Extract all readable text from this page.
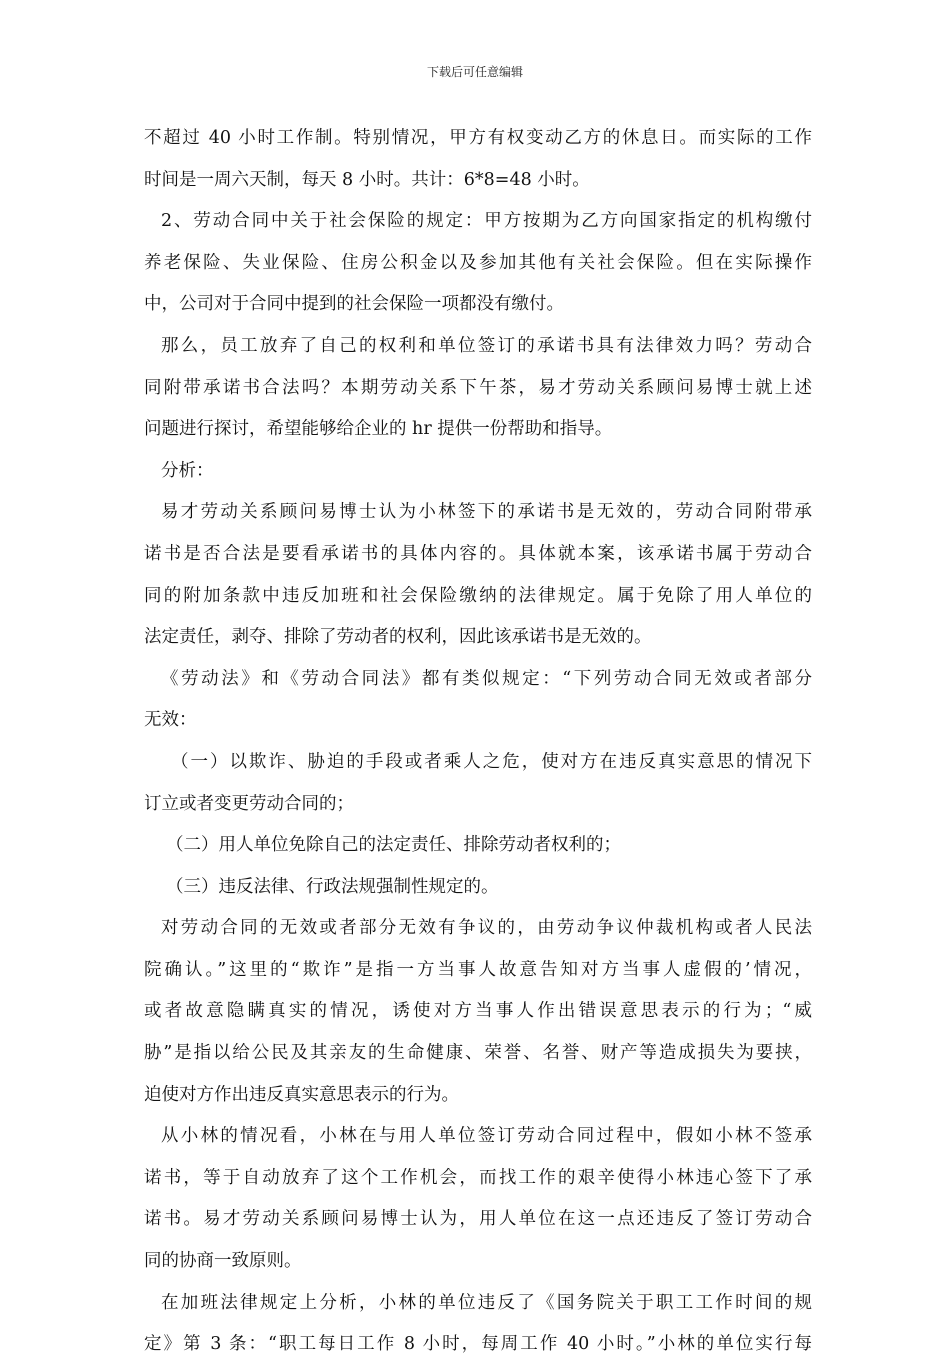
下载后可任意编辑
不超过 40 小时工作制。特别情况，甲方有权变动乙方的休息日。而实际的工作
时间是一周六天制，每天 8 小时。共计：6*8=48 小时。
2、劳动合同中关于社会保险的规定：甲方按期为乙方向国家指定的机构缴付
养老保险、失业保险、住房公积金以及参加其他有关社会保险。但在实际操作
中，公司对于合同中提到的社会保险一项都没有缴付。
那么，员工放弃了自己的权利和单位签订的承诺书具有法律效力吗？劳动合
同附带承诺书合法吗？本期劳动关系下午茶，易才劳动关系顾问易博士就上述
问题进行探讨，希望能够给企业的 hr 提供一份帮助和指导。
分析：
易才劳动关系顾问易博士认为小林签下的承诺书是无效的，劳动合同附带承
诺书是否合法是要看承诺书的具体内容的。具体就本案，该承诺书属于劳动合
同的附加条款中违反加班和社会保险缴纳的法律规定。属于免除了用人单位的
法定责任，剥夺、排除了劳动者的权利，因此该承诺书是无效的。
《劳动法》和《劳动合同法》都有类似规定：“下列劳动合同无效或者部分
无效：
（一）以欺诈、胁迫的手段或者乘人之危，使对方在违反真实意思的情况下
订立或者变更劳动合同的；
（二）用人单位免除自己的法定责任、排除劳动者权利的；
（三）违反法律、行政法规强制性规定的。
对劳动合同的无效或者部分无效有争议的，由劳动争议仲裁机构或者人民法
院确认。”这里的“欺诈”是指一方当事人故意告知对方当事人虚假的’情况，
或者故意隐瞒真实的情况，诱使对方当事人作出错误意思表示的行为；“威
胁”是指以给公民及其亲友的生命健康、荣誉、名誉、财产等造成损失为要挟，
迫使对方作出违反真实意思表示的行为。
从小林的情况看，小林在与用人单位签订劳动合同过程中，假如小林不签承
诺书，等于自动放弃了这个工作机会，而找工作的艰辛使得小林违心签下了承
诺书。易才劳动关系顾问易博士认为，用人单位在这一点还违反了签订劳动合
同的协商一致原则。
在加班法律规定上分析，小林的单位违反了《国务院关于职工工作时间的规
定》第 3 条：“职工每日工作 8 小时，每周工作 40 小时。”小林的单位实行每
